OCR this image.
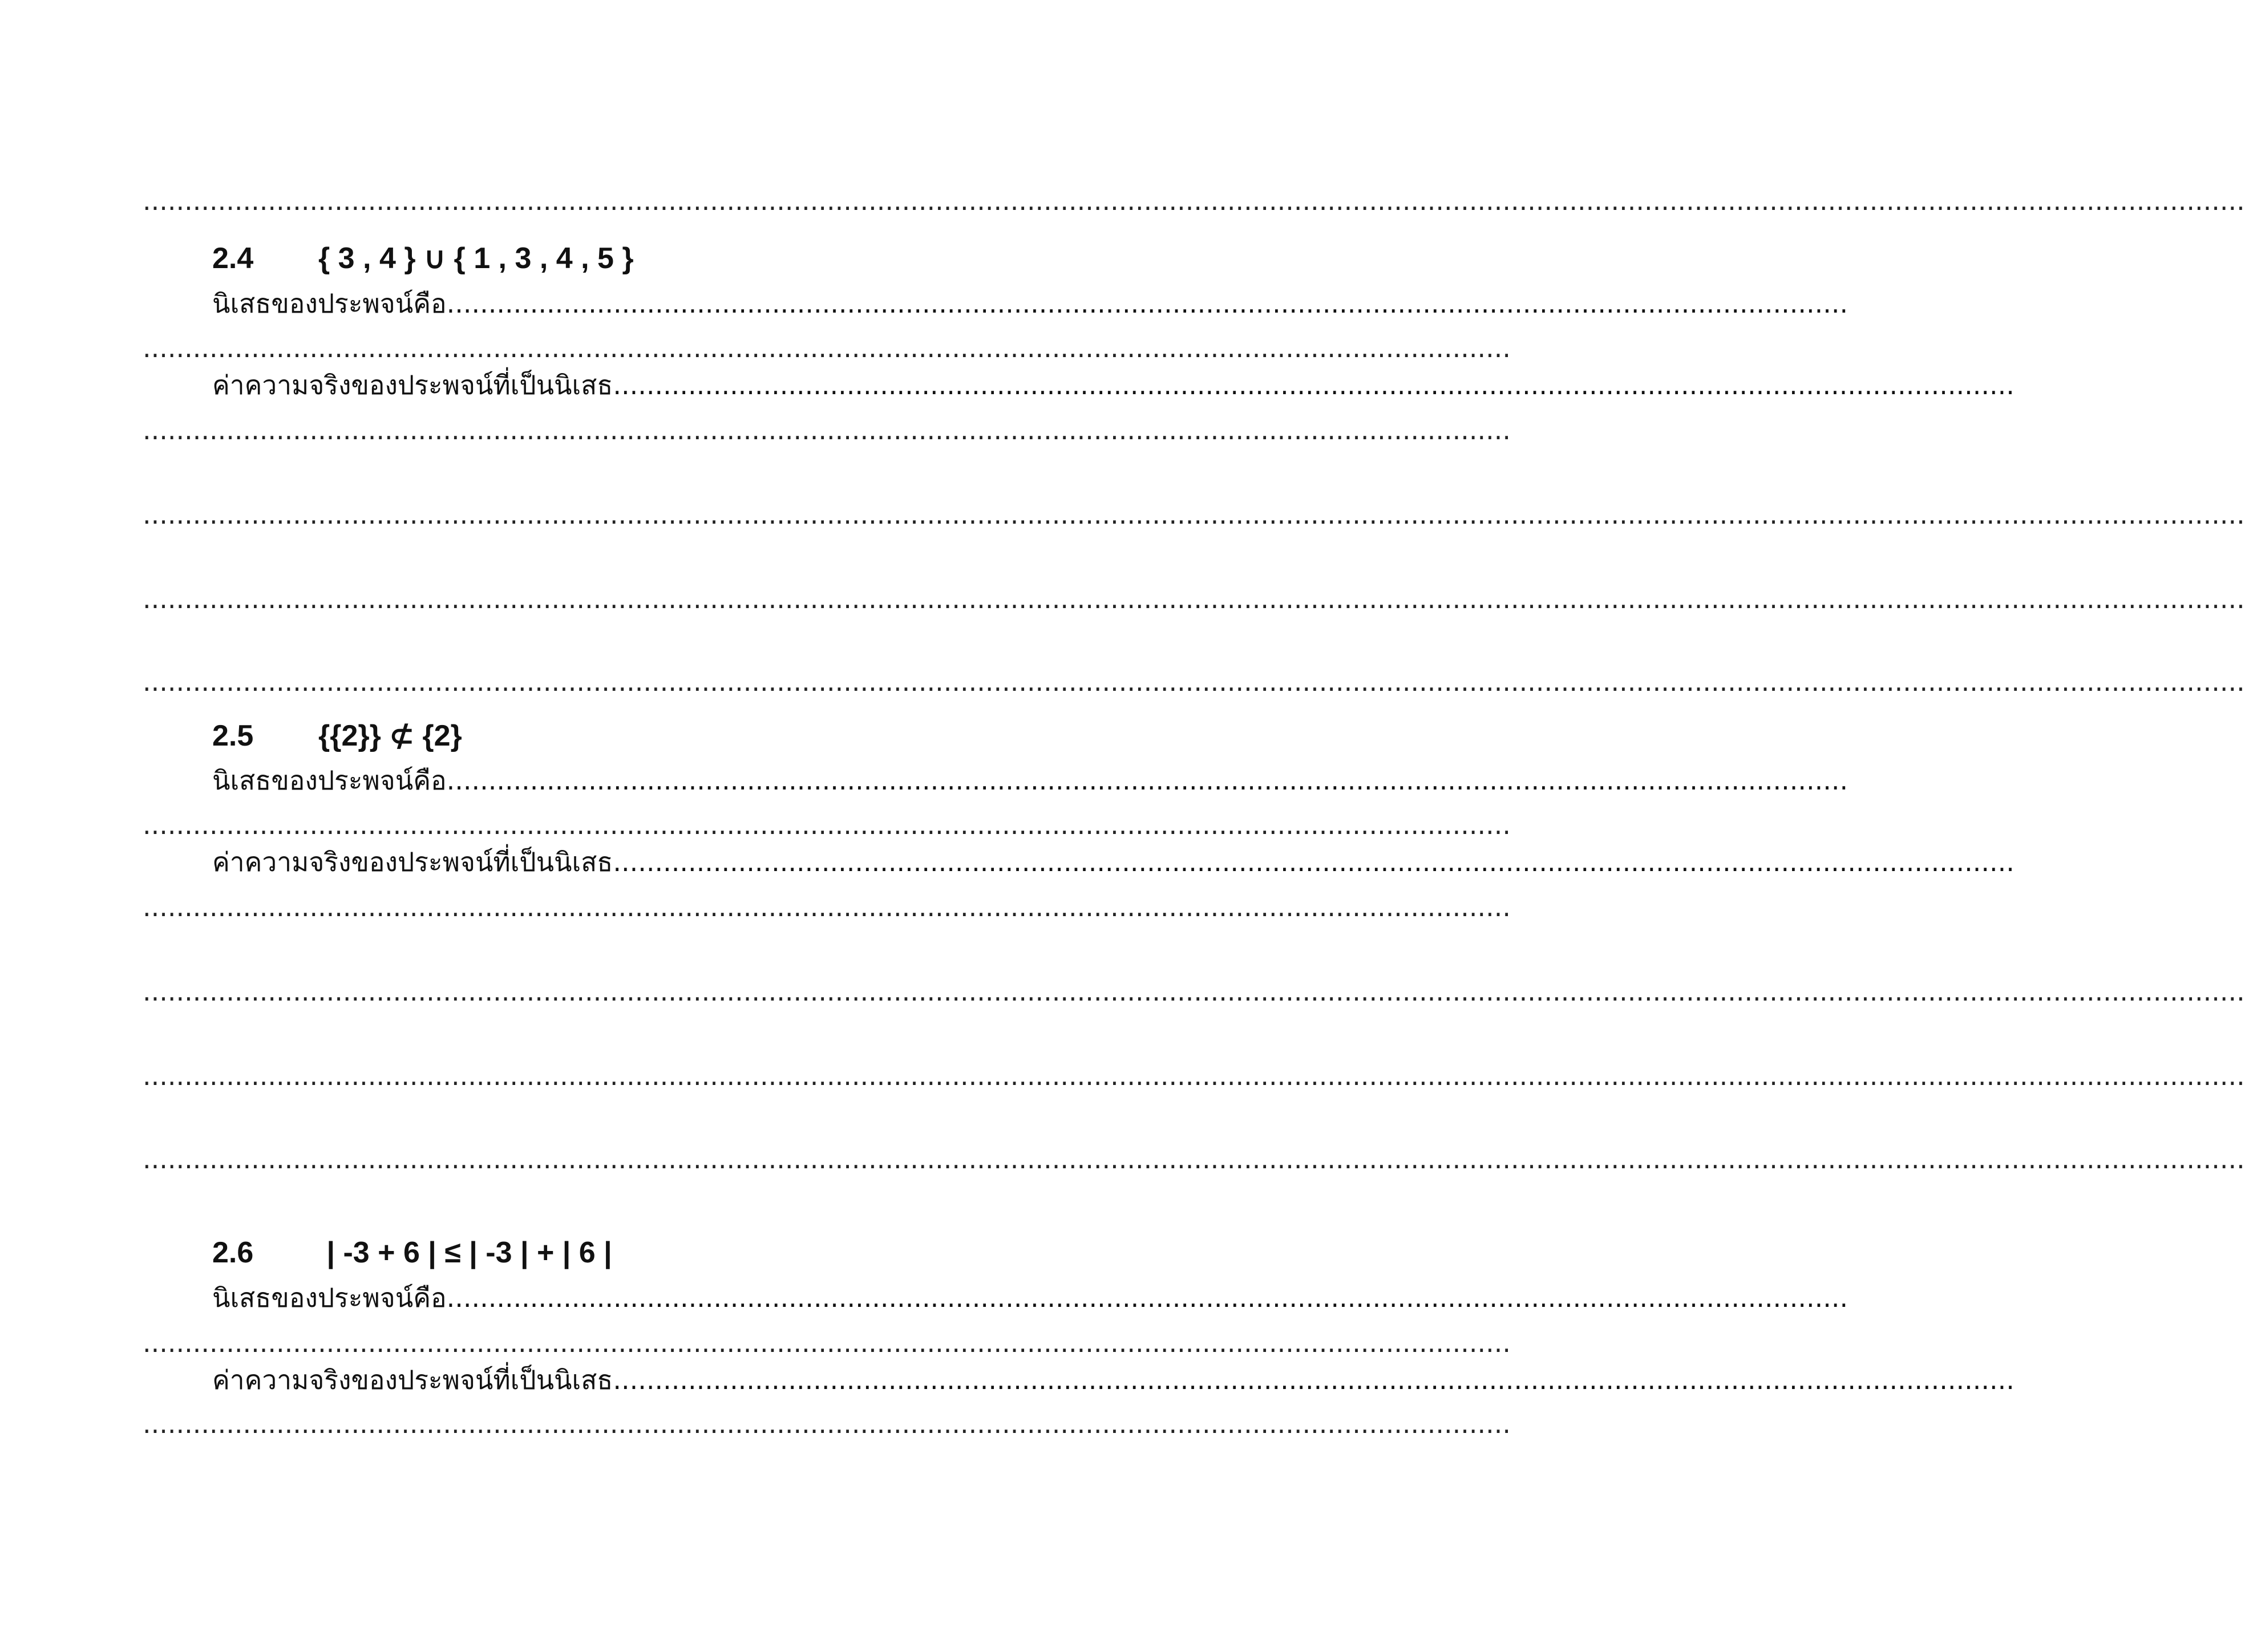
............................................................................................................................................................................................................................................................
2.4 { 3 , 4 } ∪ { 1 , 3 , 4 , 5 }
นิเสธของประพจน์คือ........................................................................................................................................................................
....................................................................................................................................................................
ค่าความจริงของประพจน์ที่เป็นนิเสธ........................................................................................................................................................................
....................................................................................................................................................................
............................................................................................................................................................................................................................................................
............................................................................................................................................................................................................................................................
............................................................................................................................................................................................................................................................
2.5 {{2}} ⊄ {2}
นิเสธของประพจน์คือ........................................................................................................................................................................
....................................................................................................................................................................
ค่าความจริงของประพจน์ที่เป็นนิเสธ........................................................................................................................................................................
....................................................................................................................................................................
............................................................................................................................................................................................................................................................
............................................................................................................................................................................................................................................................
............................................................................................................................................................................................................................................................
2.6 | -3 + 6 | ≤ | -3 | + | 6 |
นิเสธของประพจน์คือ........................................................................................................................................................................
....................................................................................................................................................................
ค่าความจริงของประพจน์ที่เป็นนิเสธ........................................................................................................................................................................
....................................................................................................................................................................
